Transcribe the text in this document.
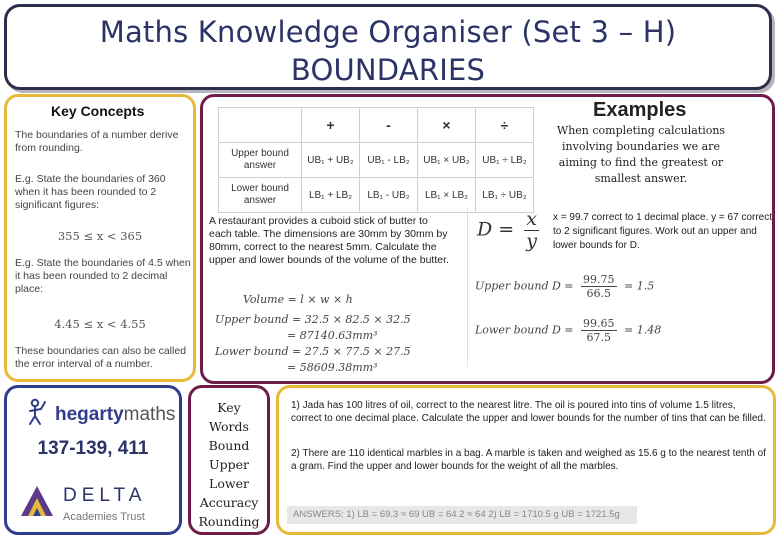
Maths Knowledge Organiser (Set 3 – H)
BOUNDARIES
Key Concepts
The boundaries of a number derive from rounding.
E.g. State the boundaries of 360 when it has been rounded to 2 significant figures:
355 ≤ x < 365
E.g. State the boundaries of 4.5 when it has been rounded to 2 decimal place:
4.45 ≤ x < 4.55
These boundaries can also be called the error interval of a number.
	+	-	×	÷
Upper bound answer	UB₁ + UB₂	UB₁ - LB₂	UB₁ × UB₂	UB₁ ÷ LB₂
Lower bound answer	LB₁ + LB₂	LB₁ - UB₂	LB₁ × LB₂	LB₁ ÷ UB₂
Examples
When completing calculations involving boundaries we are aiming to find the greatest or smallest answer.
A restaurant provides a cuboid stick of butter to each table. The dimensions are 30mm by 30mm by 80mm, correct to the nearest 5mm. Calculate the upper and lower bounds of the volume of the butter.
Volume = l × w × h
Upper bound = 32.5 × 82.5 × 32.5
= 87140.63mm³
Lower bound = 27.5 × 77.5 × 27.5
= 58609.38mm³
$D = \frac{x}{y}$ x = 99.7 correct to 1 decimal place. y = 67 correct to 2 significant figures. Work out an upper and lower bounds for D.
Upper bound $D = \frac{99.75}{66.5} = 1.5$
Lower bound $D = \frac{99.65}{67.5} = 1.48$
hegartymaths
137-139, 411
DELTA
Academies Trust
Key
Words
Bound
Upper
Lower
Accuracy
Rounding
1) Jada has 100 litres of oil, correct to the nearest litre. The oil is poured into tins of volume 1.5 litres, correct to one decimal place. Calculate the upper and lower bounds for the number of tins that can be filled.
2) There are 110 identical marbles in a bag. A marble is taken and weighed as 15.6 g to the nearest tenth of a gram. Find the upper and lower bounds for the weight of all the marbles.
ANSWERS: 1) LB = 69.3 ≈ 69 UB = 64.2 ≈ 64 2) LB = 1710.5 g UB = 1721.5g
